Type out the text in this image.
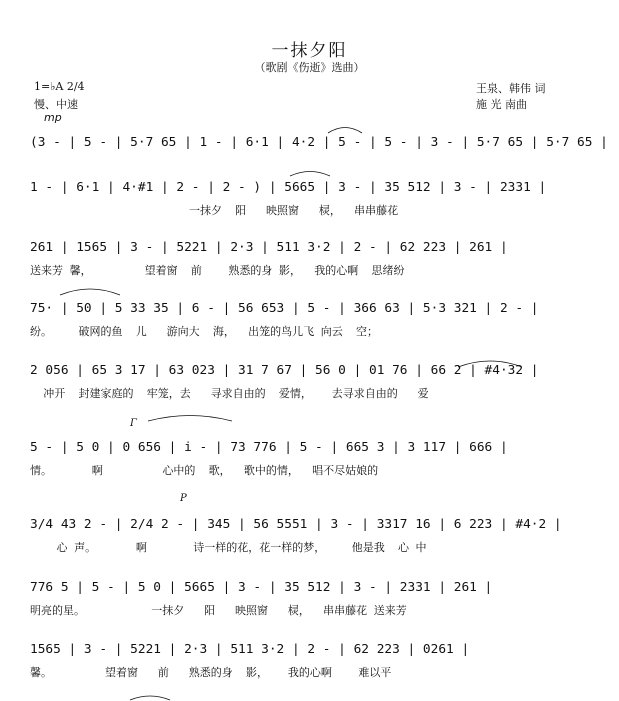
一抹夕阳
（歌剧《伤逝》选曲）
1=♭A 2/4
慢、中速
mp
王泉、韩伟 词
施 光 南曲
(3 - | 5 - | 5·7 65 | 1 - | 6·1 | 4·2 | 5 - | 5 - | 3 - | 5·7 65 | 5·7 65 |
1 - | 6·1 | 4·#1 | 2 - | 2 - ) | 5665 | 3 - | 35 512 | 3 - | 2331 |
一抹夕  阳   映照窗   棂，  串串藤花
261 | 1565 | 3 - | 5221 | 2·3 | 511 3·2 | 2 - | 62 223 | 261 |
送来芳 馨，        望着窗  前    熟悉的身 影，  我的心啊  思绪纷
75· | 50 | 5 33 35 | 6 - | 56 653 | 5 - | 366 63 | 5·3 321 | 2 - |
纷。    破网的鱼  儿   游向大  海，  出笼的鸟儿飞 向云  空；
2 056 | 65 3 17 | 63 023 | 31 7 67 | 56 0 | 01 76 | 66 2 | #4·32 |
冲开  封建家庭的  牢笼，去   寻求自由的  爱情，   去寻求自由的   爱
Γ
5 - | 5 0 | 0 656 | i - | 73 776 | 5 - | 665 3 | 3 117 | 666 |
情。      啊         心中的  歌，  歌中的情，  唱不尽姑娘的
P
3/4 43 2 - | 2/4 2 - | 345 | 56 5551 | 3 - | 3317 16 | 6 223 | #4·2 |
心 声。      啊       诗一样的花，花一样的梦，    他是我  心 中
776 5 | 5 - | 5 0 | 5665 | 3 - | 35 512 | 3 - | 2331 | 261 |
明亮的星。          一抹夕   阳   映照窗   棂，  串串藤花 送来芳
1565 | 3 - | 5221 | 2·3 | 511 3·2 | 2 - | 62 223 | 0261 |
馨。        望着窗   前   熟悉的身  影，   我的心啊    难以平
